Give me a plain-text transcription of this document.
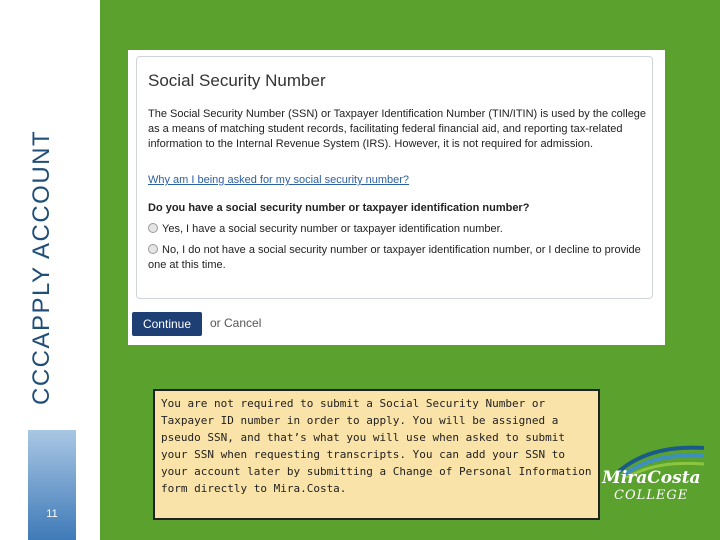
CCCAPPLY ACCOUNT
11
Social Security Number
The Social Security Number (SSN) or Taxpayer Identification Number (TIN/ITIN) is used by the college as a means of matching student records, facilitating federal financial aid, and reporting tax-related information to the Internal Revenue System (IRS). However, it is not required for admission.
Why am I being asked for my social security number?
Do you have a social security number or taxpayer identification number?
Yes, I have a social security number or taxpayer identification number.
No, I do not have a social security number or taxpayer identification number, or I decline to provide one at this time.
Continue	or Cancel
You are not required to submit a Social Security Number or Taxpayer ID number in order to apply. You will be assigned a pseudo SSN, and that’s what you will use when asked to submit your SSN when requesting transcripts. You can add your SSN to your account later by submitting a Change of Personal Information form directly to Mira.Costa.
MiraCosta
COLLEGE
